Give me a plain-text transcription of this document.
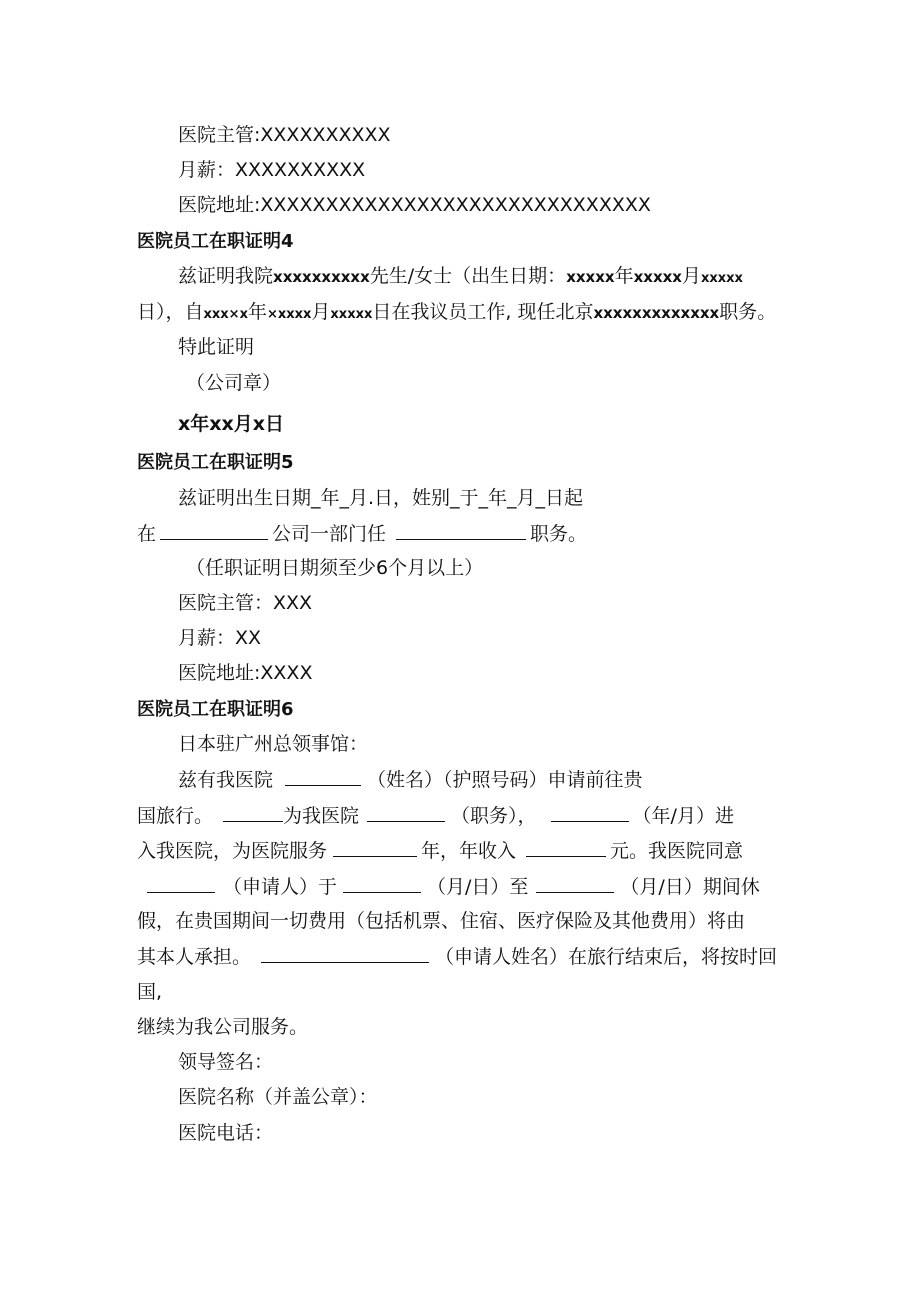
医院主管:XXXXXXXXXX
月薪：XXXXXXXXXX
医院地址:XXXXXXXXXXXXXXXXXXXXXXXXXXXXXX
医院员工在职证明4
兹证明我院xxxxxxxxxx先生/女士（出生日期：xxxxx年xxxxx月xxxxx
日），自xxx×x年×xxxx月xxxxx日在我议员工作, 现任北京xxxxxxxxxxxxx职务。
特此证明
（公司章）
x年xx月x日
医院员工在职证明5
兹证明出生日期_年_月.日，姓别_于_年_月_日起
在	公司一部门任	职务。
（任职证明日期须至少6个月以上）
医院主管：XXX
月薪：XX
医院地址:XXXX
医院员工在职证明6
日本驻广州总领事馆：
兹有我医院	（姓名）（护照号码）申请前往贵
国旅行。	为我医院	（职务），	（年/月）进
入我医院，为医院服务	年，年收入	元。我医院同意
（申请人）于	（月/日）至	（月/日）期间休
假，在贵国期间一切费用（包括机票、住宿、医疗保险及其他费用）将由
其本人承担。	（申请人姓名）在旅行结束后，将按时回
国,
继续为我公司服务。
领导签名：
医院名称（并盖公章）：
医院电话：
